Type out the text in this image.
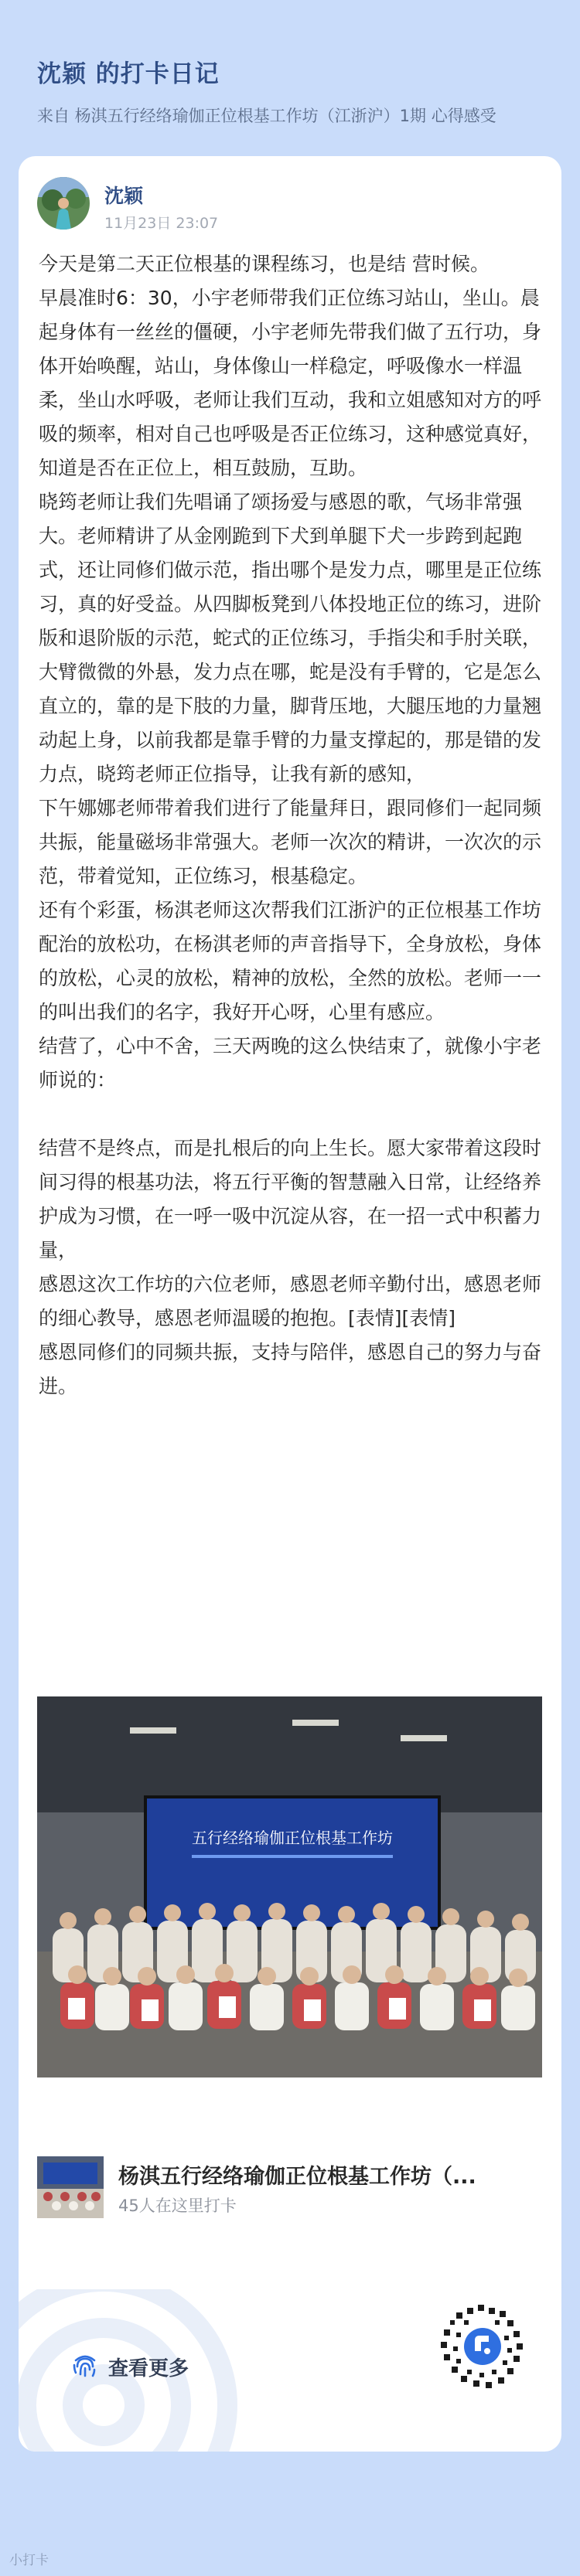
沈颖 的打卡日记
来自 杨淇五行经络瑜伽正位根基工作坊（江浙沪）1期 心得感受
沈颖
11月23日 23:07

今天是第二天正位根基的课程练习，也是结 营时候。

早晨准时6：30，小宇老师带我们正位练习站山，坐山。晨起身体有一丝丝的僵硬，小宇老师先带我们做了五行功，身体开始唤醒，站山，身体像山一样稳定，呼吸像水一样温柔，坐山水呼吸，老师让我们互动，我和立姐感知对方的呼吸的频率，相对自己也呼吸是否正位练习，这种感觉真好，知道是否在正位上，相互鼓励，互助。

晓筠老师让我们先唱诵了颂扬爱与感恩的歌，气场非常强大。老师精讲了从金刚跪到下犬到单腿下犬一步跨到起跑式，还让同修们做示范，指出哪个是发力点，哪里是正位练习，真的好受益。从四脚板凳到八体投地正位的练习，进阶版和退阶版的示范，蛇式的正位练习，手指尖和手肘关联，大臂微微的外悬，发力点在哪，蛇是没有手臂的，它是怎么直立的，靠的是下肢的力量，脚背压地，大腿压地的力量翘动起上身，以前我都是靠手臂的力量支撑起的，那是错的发力点，晓筠老师正位指导，让我有新的感知，

下午娜娜老师带着我们进行了能量拜日，跟同修们一起同频共振，能量磁场非常强大。老师一次次的精讲，一次次的示范，带着觉知，正位练习，根基稳定。

还有个彩蛋，杨淇老师这次帮我们江浙沪的正位根基工作坊配治的放松功，在杨淇老师的声音指导下，全身放松，身体的放松，心灵的放松，精神的放松，全然的放松。老师一一的叫出我们的名字，我好开心呀，心里有感应。

结营了，心中不舍，三天两晚的这么快结束了，就像小宇老师说的：

结营不是终点，而是扎根后的向上生长。愿大家带着这段时间习得的根基功法，将五行平衡的智慧融入日常，让经络养护成为习惯，在一呼一吸中沉淀从容，在一招一式中积蓄力量，

感恩这次工作坊的六位老师，感恩老师辛勤付出，感恩老师的细心教导，感恩老师温暖的抱抱。[表情][表情]

感恩同修们的同频共振，支持与陪伴，感恩自己的努力与奋进。

五行经络瑜伽正位根基工作坊
杨淇五行经络瑜伽正位根基工作坊（...
45人在这里打卡
查看更多
小打卡
